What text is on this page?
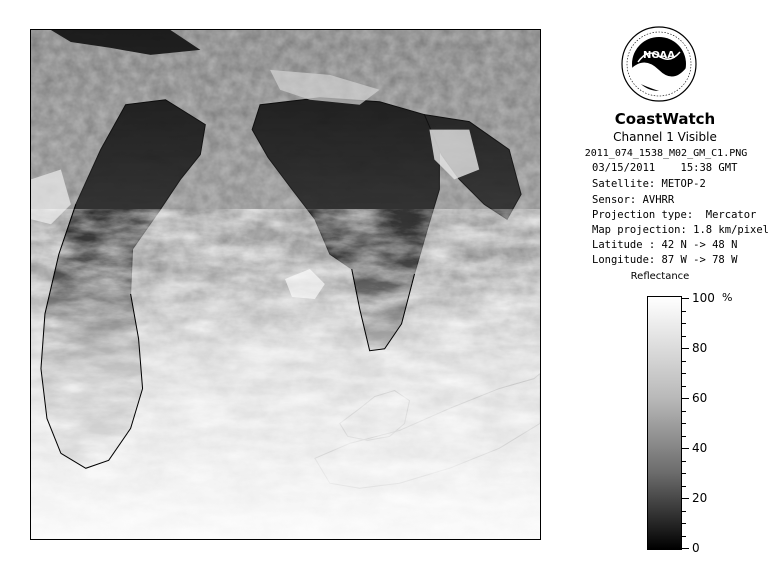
NOAA
CoastWatch
Channel 1 Visible
2011_074_1538_M02_GM_C1.PNG
03/15/2011    15:38 GMT
Satellite: METOP-2
Sensor: AVHRR
Projection type:  Mercator
Map projection: 1.8 km/pixel
Latitude : 42 N -> 48 N
Longitude: 87 W -> 78 W
Reflectance
%
100
80
60
40
20
0
